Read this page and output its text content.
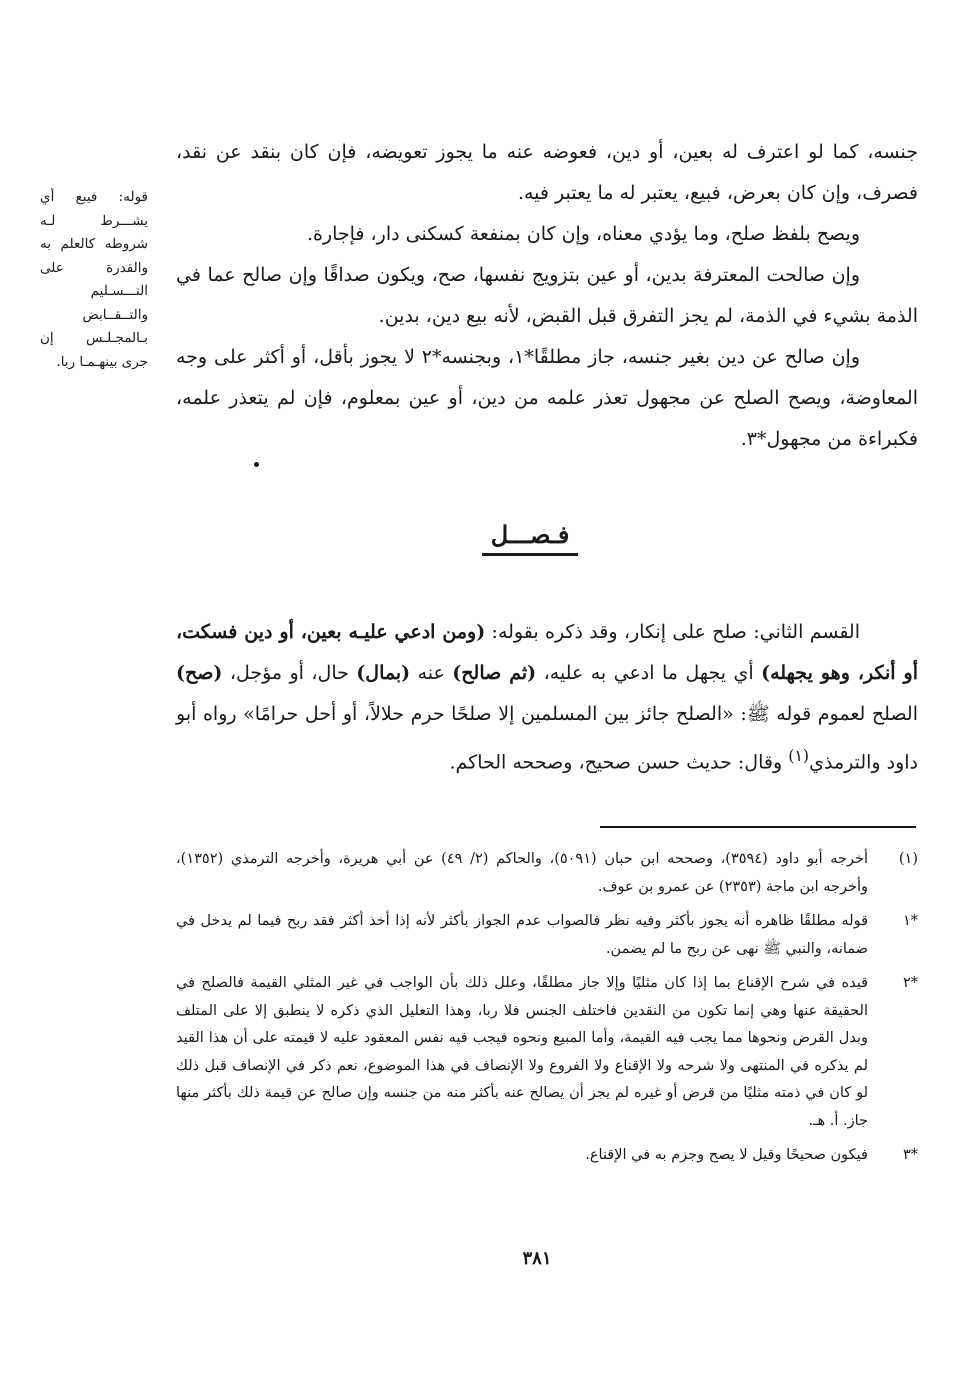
قوله: فيبع أي يشـــرط لـه شروطه كالعلم به والقدرة على التـــسـليم والتــقــابض بـالمجـلـس إن جرى بينهـمـا ربا.

جنسه، كما لو اعترف له بعين، أو دين، فعوضه عنه ما يجوز تعويضه، فإن كان بنقد عن نقد، فصرف، وإن كان بعرض، فبيع، يعتبر له ما يعتبر فيه.

ويصح بلفظ صلح، وما يؤدي معناه، وإن كان بمنفعة كسكنى دار، فإجارة.

وإن صالحت المعترفة بدين، أو عين بتزويج نفسها، صح، ويكون صداقًا وإن صالح عما في الذمة بشيء في الذمة، لم يجز التفرق قبل القبض، لأنه بيع دين، بدين.

وإن صالح عن دين بغير جنسه، جاز مطلقًا*١، وبجنسه*٢ لا يجوز بأقل، أو أكثر على وجه المعاوضة، ويصح الصلح عن مجهول تعذر علمه من دين، أو عين بمعلوم، فإن لم يتعذر علمه، فكبراءة من مجهول*٣.

فـصـــل

القسم الثاني: صلح على إنكار، وقد ذكره بقوله: (ومن ادعي عليـه بعين، أو دين فسكت، أو أنكر، وهو يجهله) أي يجهل ما ادعي به عليه، (ثم صالح) عنه (بمال) حال، أو مؤجل، (صح) الصلح لعموم قوله ﷺ: «الصلح جائز بين المسلمين إلا صلحًا حرم حلالاً، أو أحل حرامًا» رواه أبو داود والترمذي$^{(١)}$ وقال: حديث حسن صحيح، وصححه الحاكم.

(١)
أخرجه أبو داود (٣٥٩٤)، وصححه ابن حبان (٥٠٩١)، والحاكم (٢/ ٤٩) عن أبي هريرة، وأخرجه الترمذي (١٣٥٢)، وأخرجه ابن ماجة (٢٣٥٣) عن عمرو بن عوف.
*١
قوله مطلقًا ظاهره أنه يجوز بأكثر وفيه نظر فالصواب عدم الجواز بأكثر لأنه إذا أخذ أكثر فقد ربح فيما لم يدخل في ضمانه، والنبي ﷺ نهى عن ربح ما لم يضمن.
*٢
قيده في شرح الإقناع بما إذا كان مثليًا وإلا جاز مطلقًا، وعلل ذلك بأن الواجب في غير المثلي القيمة فالصلح في الحقيقة عنها وهي إنما تكون من النقدين فاختلف الجنس فلا ربا، وهذا التعليل الذي ذكره لا ينطبق إلا على المتلف وبدل القرض ونحوها مما يجب فيه القيمة، وأما المبيع ونحوه فيجب فيه نفس المعقود عليه لا قيمته على أن هذا القيد لم يذكره في المنتهى ولا شرحه ولا الإقناع ولا الفروع ولا الإنصاف في هذا الموضوع، نعم ذكر في الإنصاف قبل ذلك لو كان في ذمته مثليًا من قرض أو غيره لم يجز أن يصالح عنه بأكثر منه من جنسه وإن صالح عن قيمة ذلك بأكثر منها جاز. أ. هـ.
*٣
فيكون صحيحًا وقيل لا يصح وجزم به في الإقناع.
٣٨١
